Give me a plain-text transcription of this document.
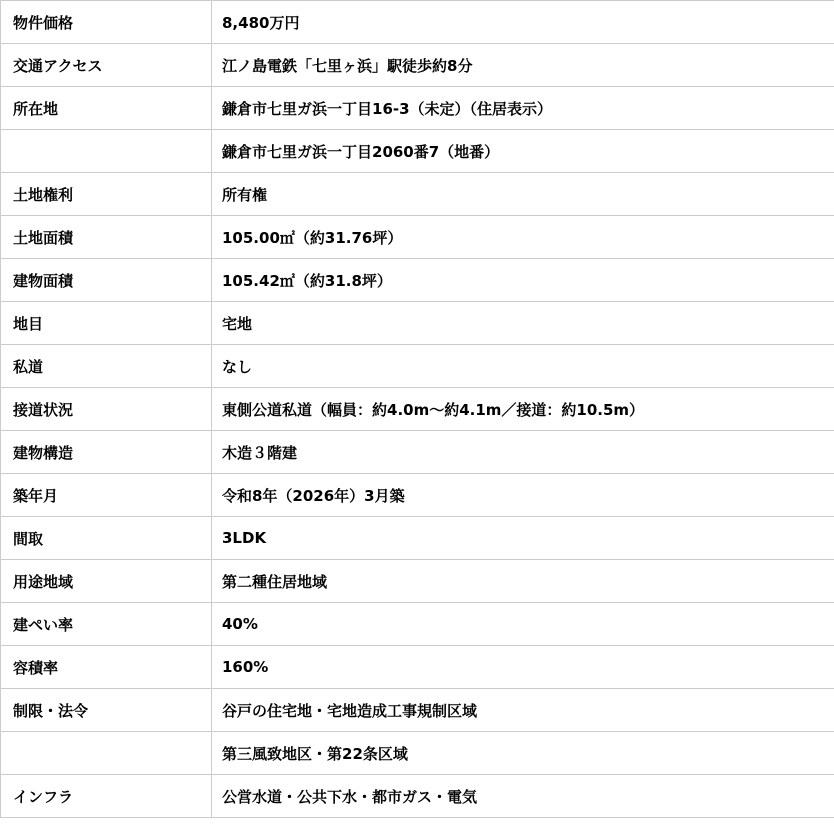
物件価格	8,480万円
交通アクセス	江ノ島電鉄「七里ヶ浜」駅徒歩約8分
所在地	鎌倉市七里ガ浜一丁目16-3（未定）（住居表示）
	鎌倉市七里ガ浜一丁目2060番7（地番）
土地権利	所有権
土地面積	105.00㎡（約31.76坪）
建物面積	105.42㎡（約31.8坪）
地目	宅地
私道	なし
接道状況	東側公道私道（幅員：約4.0m～約4.1m／接道：約10.5m）
建物構造	木造３階建
築年月	令和8年（2026年）3月築
間取	3LDK
用途地域	第二種住居地域
建ぺい率	40%
容積率	160%
制限・法令	谷戸の住宅地・宅地造成工事規制区域
	第三風致地区・第22条区域
インフラ	公営水道・公共下水・都市ガス・電気
